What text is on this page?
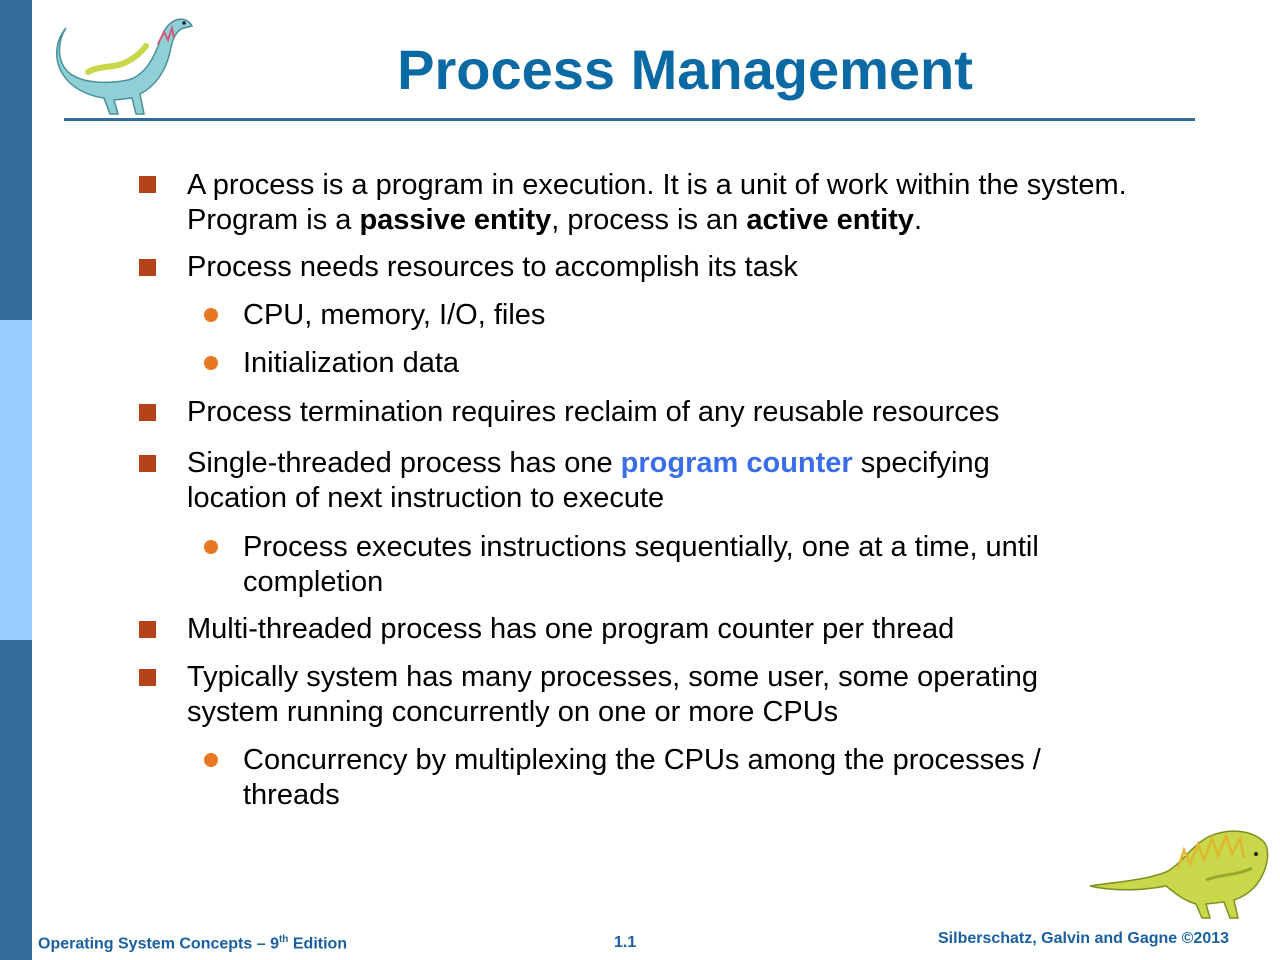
Process Management
A process is a program in execution. It is a unit of work within the system. Program is a passive entity, process is an active entity.
Process needs resources to accomplish its task
CPU, memory, I/O, files
Initialization data
Process termination requires reclaim of any reusable resources
Single-threaded process has one program counter specifying location of next instruction to execute
Process executes instructions sequentially, one at a time, until completion
Multi-threaded process has one program counter per thread
Typically system has many processes, some user, some operating system running concurrently on one or more CPUs
Concurrency by multiplexing the CPUs among the processes / threads
Operating System Concepts – 9th Edition	1.1	Silberschatz, Galvin and Gagne ©2013
